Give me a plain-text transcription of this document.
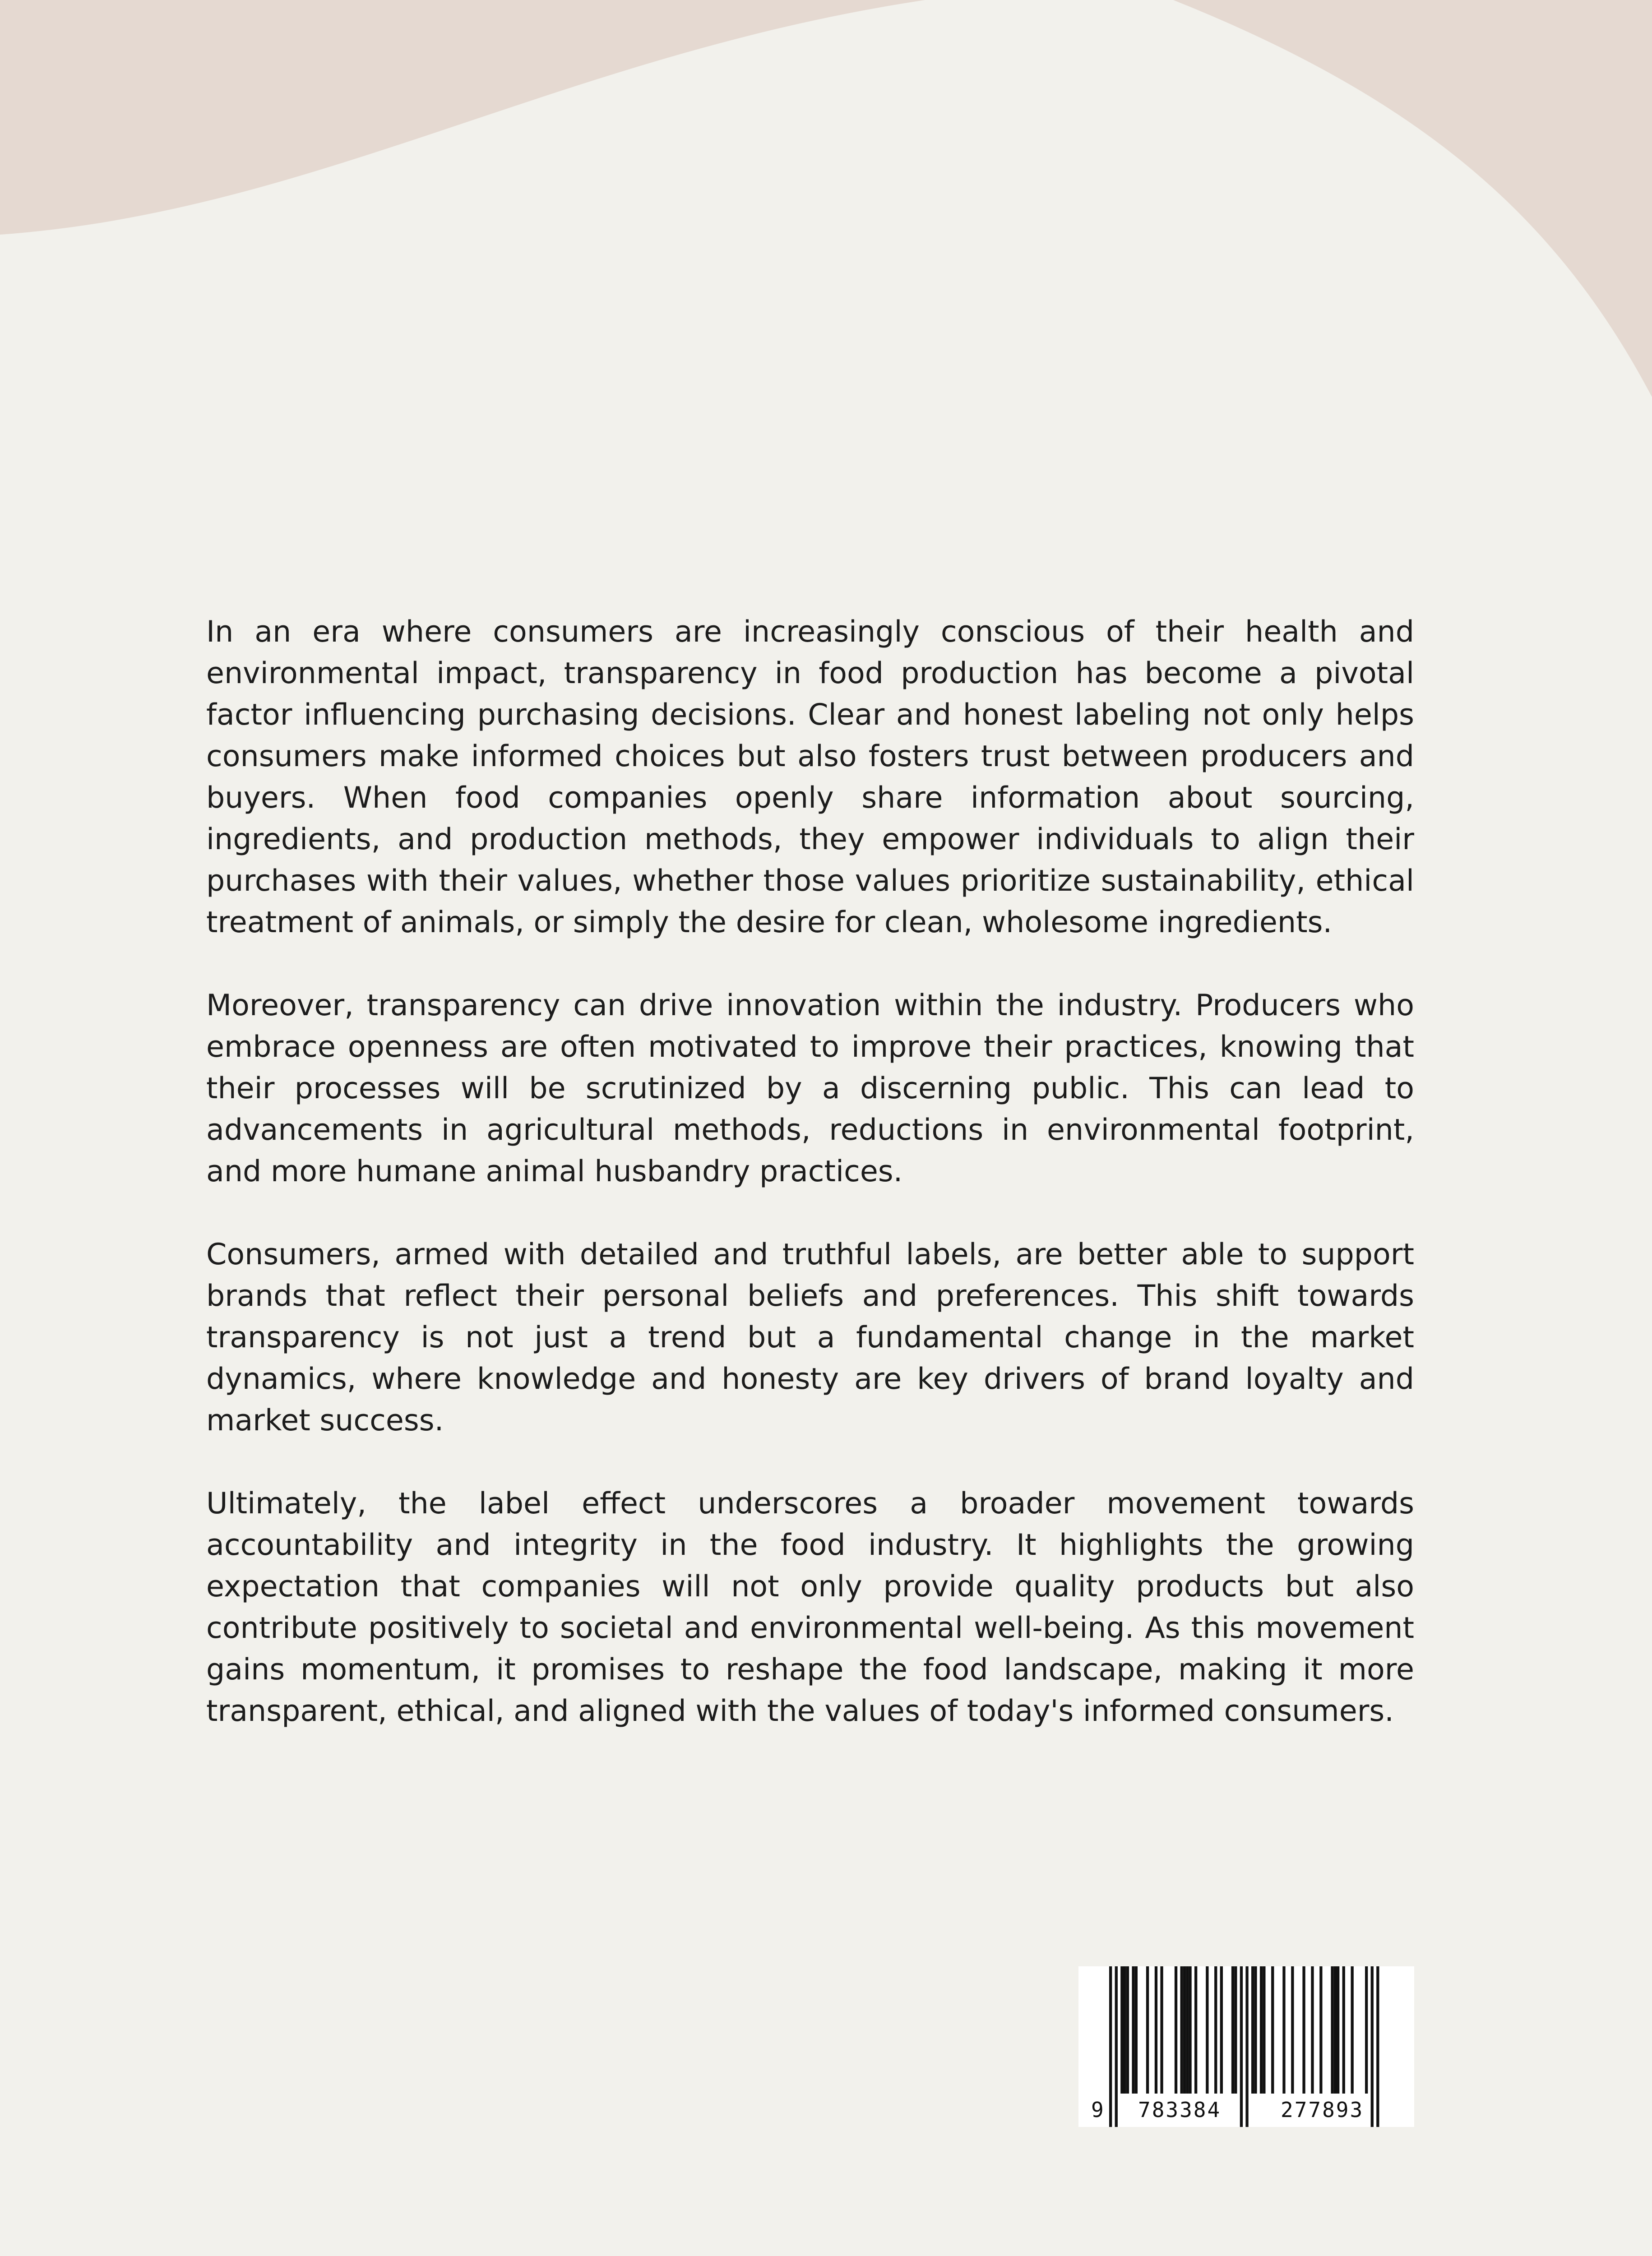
In an era where consumers are increasingly conscious of their health and environmental impact, transparency in food production has become a pivotal factor influencing purchasing decisions. Clear and honest labeling not only helps consumers make informed choices but also fosters trust between producers and buyers. When food companies openly share information about sourcing, ingredients, and production methods, they empower individuals to align their purchases with their values, whether those values prioritize sustainability, ethical treatment of animals, or simply the desire for clean, wholesome ingredients.

Moreover, transparency can drive innovation within the industry. Producers who embrace openness are often motivated to improve their practices, knowing that their processes will be scrutinized by a discerning public. This can lead to advancements in agricultural methods, reductions in environmental footprint, and more humane animal husbandry practices.

Consumers, armed with detailed and truthful labels, are better able to support brands that reflect their personal beliefs and preferences. This shift towards transparency is not just a trend but a fundamental change in the market dynamics, where knowledge and honesty are key drivers of brand loyalty and market success.

Ultimately, the label effect underscores a broader movement towards accountability and integrity in the food industry. It highlights the growing expectation that companies will not only provide quality products but also contribute positively to societal and environmental well-being. As this movement gains momentum, it promises to reshape the food landscape, making it more transparent, ethical, and aligned with the values of today's informed consumers.

9 783384	277893
